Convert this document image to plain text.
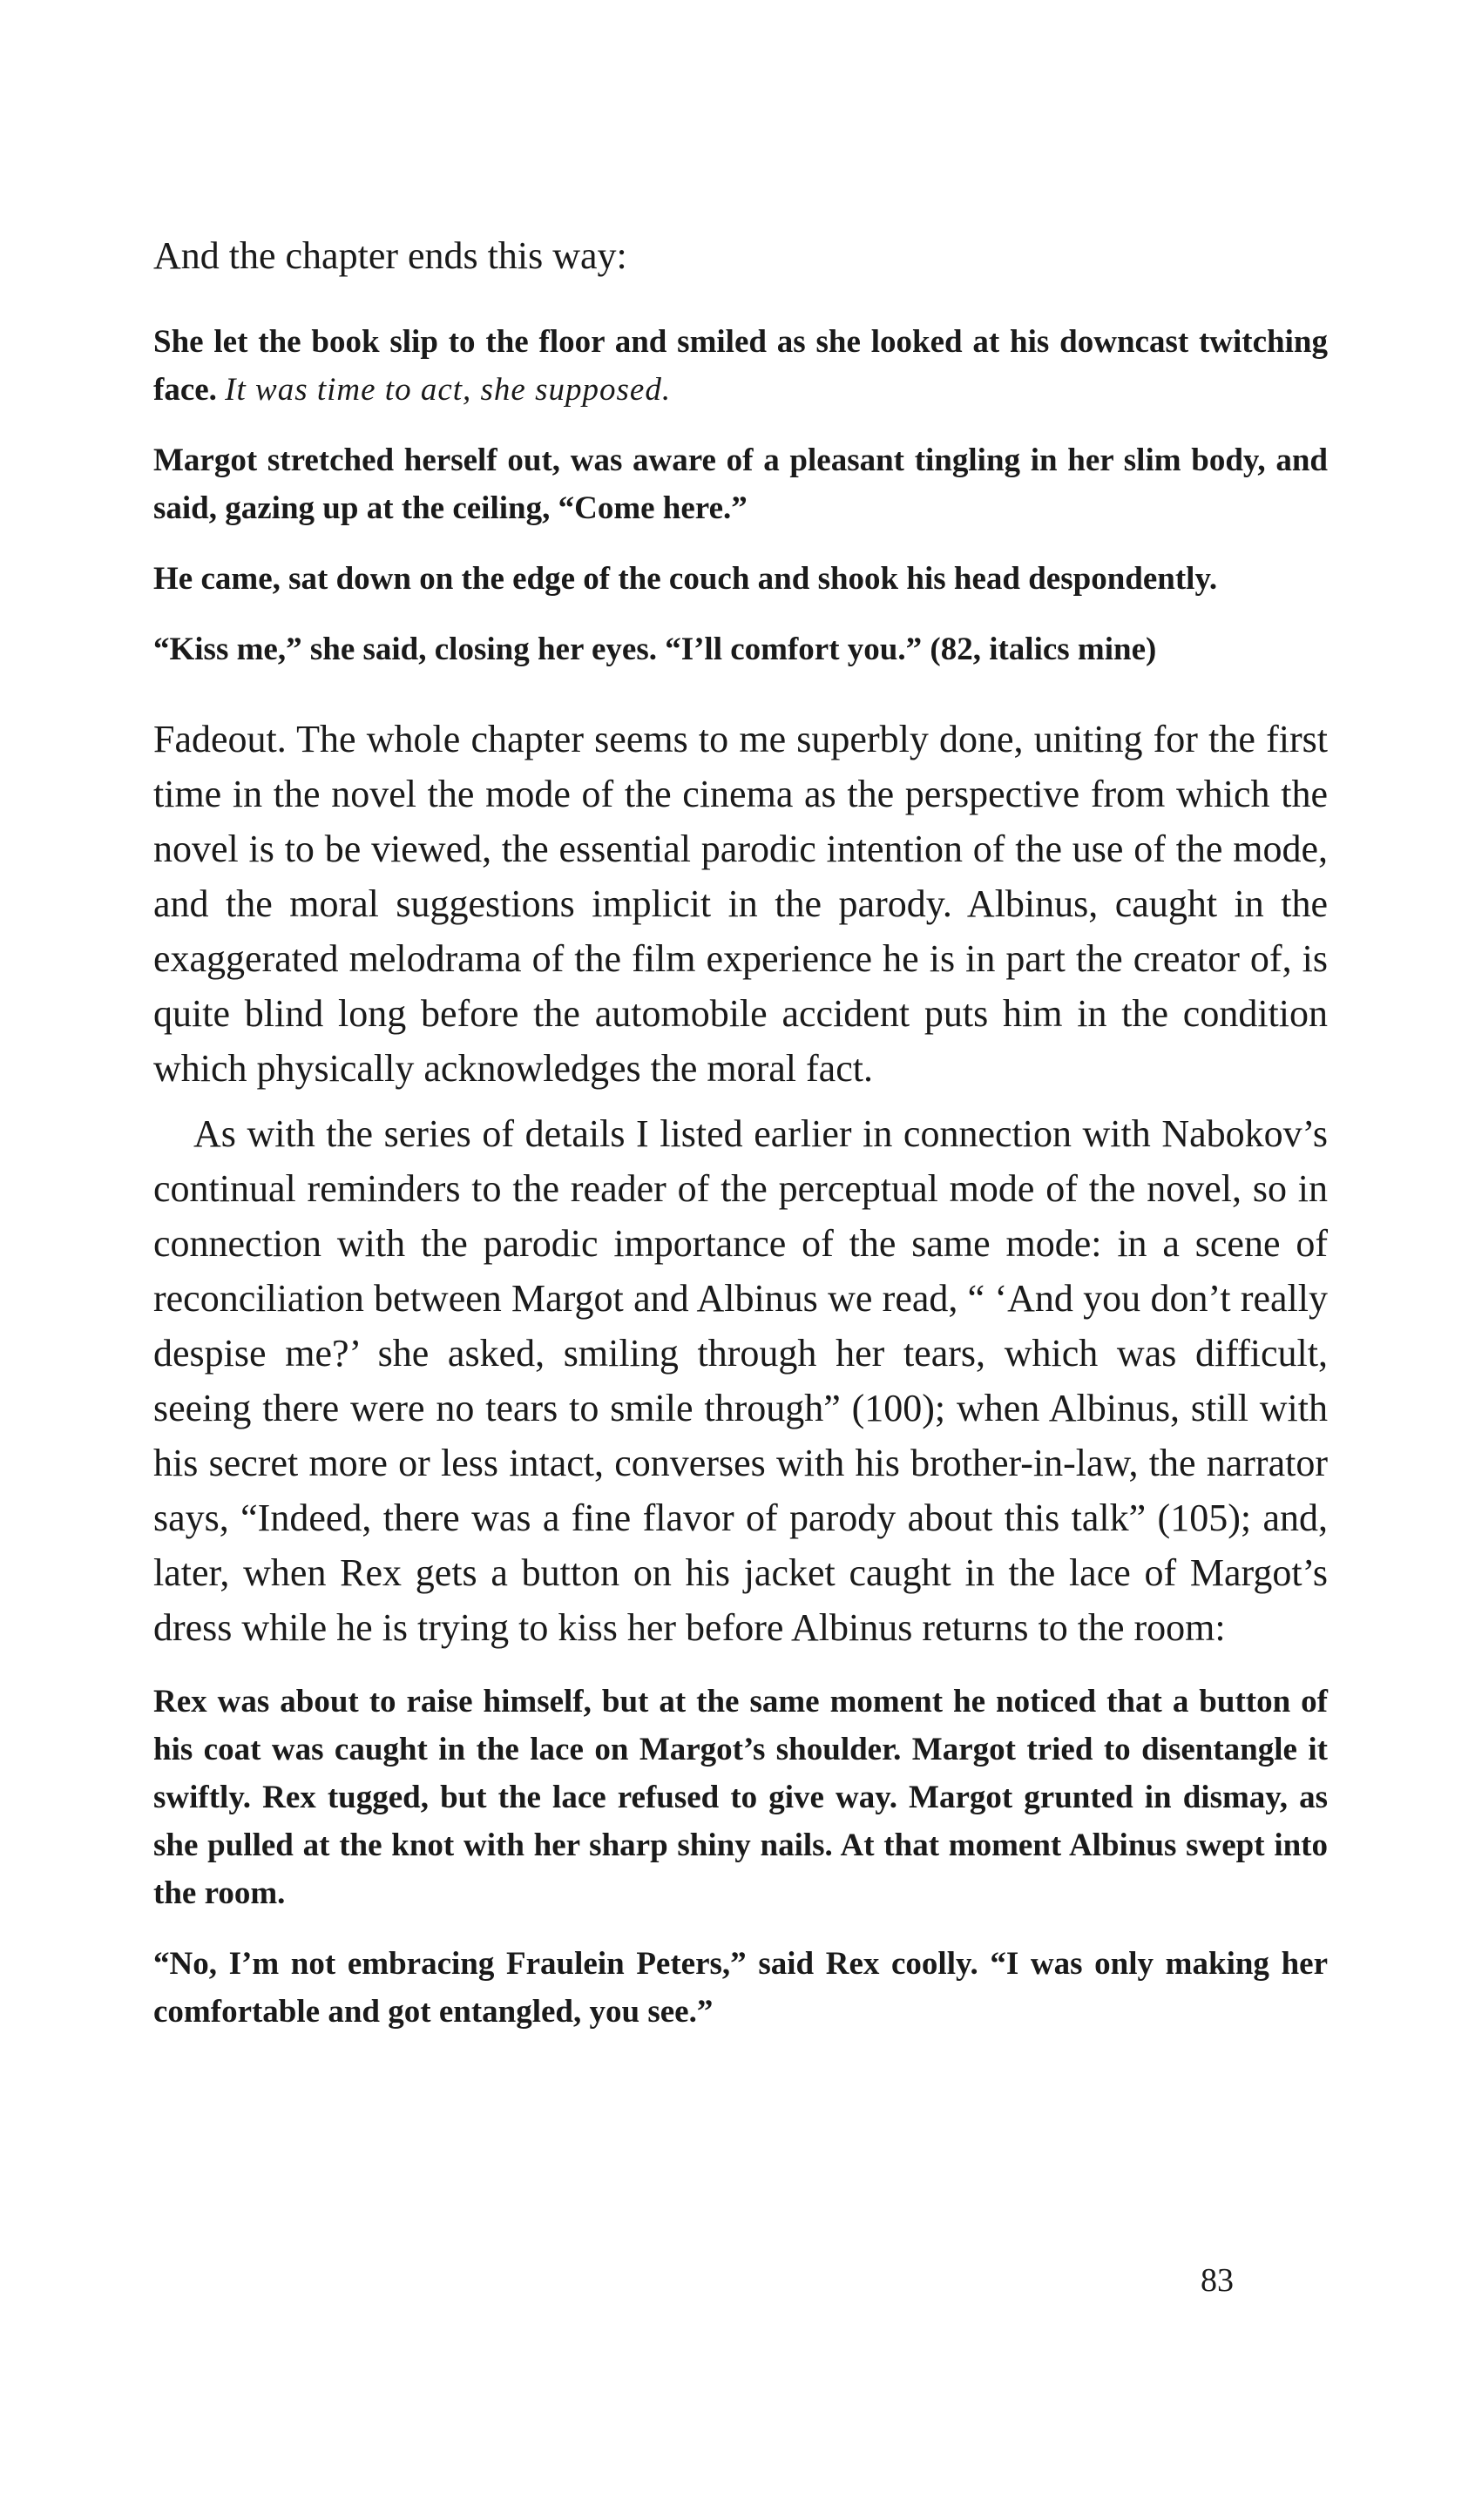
And the chapter ends this way:

She let the book slip to the floor and smiled as she looked at his downcast twitching face. It was time to act, she supposed.

Margot stretched herself out, was aware of a pleasant tingling in her slim body, and said, gazing up at the ceiling, “Come here.”

He came, sat down on the edge of the couch and shook his head despondently.

“Kiss me,” she said, closing her eyes. “I’ll comfort you.” (82, italics mine)

Fadeout. The whole chapter seems to me superbly done, uniting for the first time in the novel the mode of the cinema as the perspective from which the novel is to be viewed, the essential parodic intention of the use of the mode, and the moral suggestions implicit in the parody. Albinus, caught in the exaggerated melodrama of the film experience he is in part the creator of, is quite blind long before the automobile accident puts him in the condition which physically acknowledges the moral fact.

As with the series of details I listed earlier in connection with Nabokov’s continual reminders to the reader of the perceptual mode of the novel, so in connection with the parodic importance of the same mode: in a scene of reconciliation between Margot and Albinus we read, “ ‘And you don’t really despise me?’ she asked, smiling through her tears, which was difficult, seeing there were no tears to smile through” (100); when Albinus, still with his secret more or less intact, converses with his brother-in-law, the narrator says, “Indeed, there was a fine flavor of parody about this talk” (105); and, later, when Rex gets a button on his jacket caught in the lace of Margot’s dress while he is trying to kiss her before Albinus returns to the room:

Rex was about to raise himself, but at the same moment he noticed that a button of his coat was caught in the lace on Margot’s shoulder. Margot tried to disentangle it swiftly. Rex tugged, but the lace refused to give way. Margot grunted in dismay, as she pulled at the knot with her sharp shiny nails. At that moment Albinus swept into the room.

“No, I’m not embracing Fraulein Peters,” said Rex coolly. “I was only making her comfortable and got entangled, you see.”

83
